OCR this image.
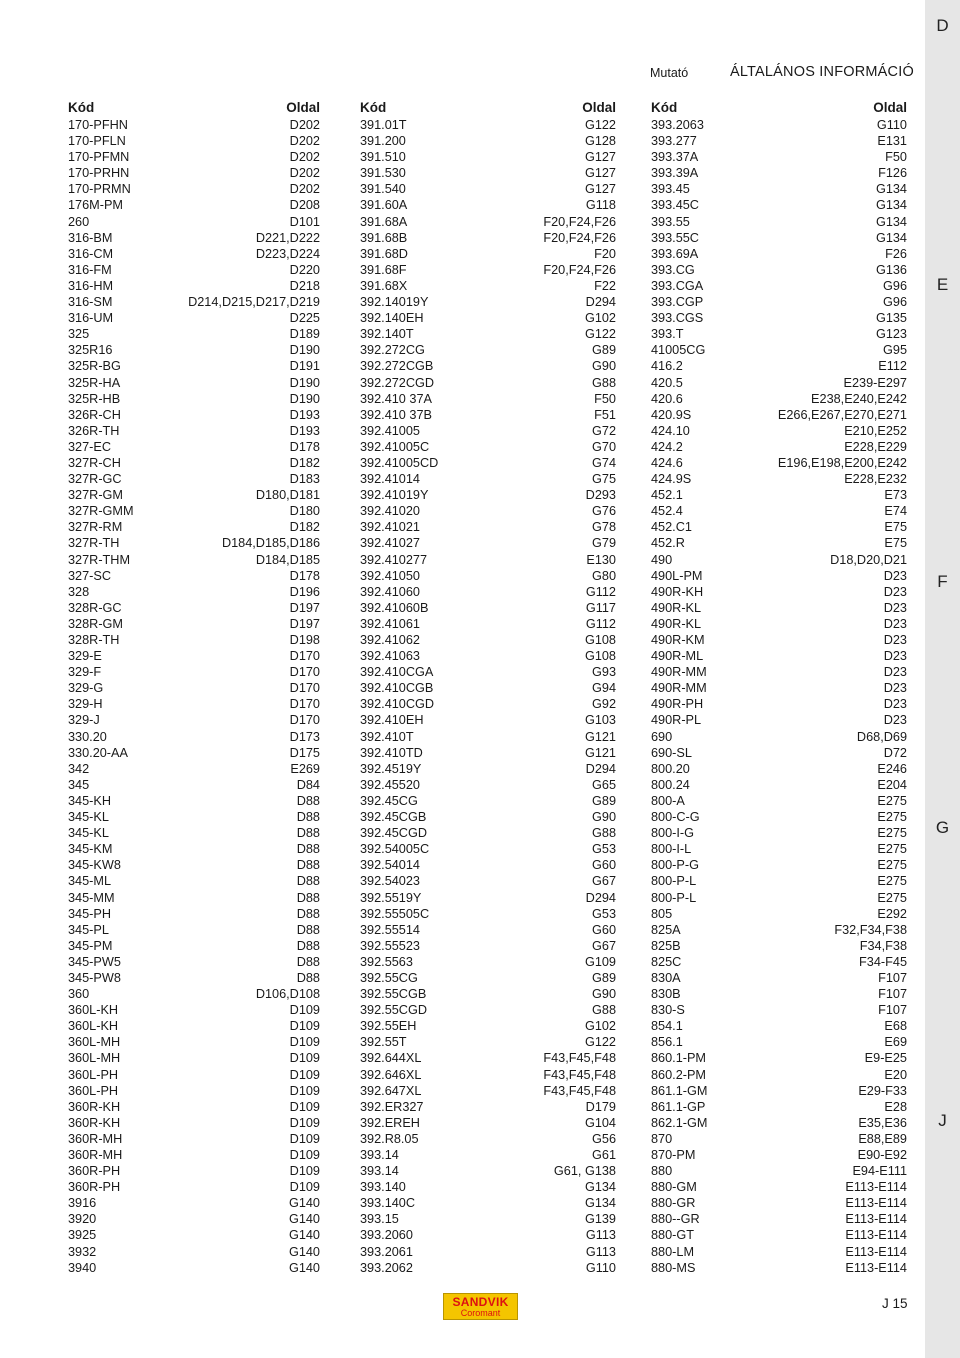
D
E
F
G
J
Mutató	ÁLTALÁNOS INFORMÁCIÓ
Kód	Oldal
170-PFHN	D202
170-PFLN	D202
170-PFMN	D202
170-PRHN	D202
170-PRMN	D202
176M-PM	D208
260	D101
316-BM	D221,D222
316-CM	D223,D224
316-FM	D220
316-HM	D218
316-SM	D214,D215,D217,D219
316-UM	D225
325	D189
325R16	D190
325R-BG	D191
325R-HA	D190
325R-HB	D190
326R-CH	D193
326R-TH	D193
327-EC	D178
327R-CH	D182
327R-GC	D183
327R-GM	D180,D181
327R-GMM	D180
327R-RM	D182
327R-TH	D184,D185,D186
327R-THM	D184,D185
327-SC	D178
328	D196
328R-GC	D197
328R-GM	D197
328R-TH	D198
329-E	D170
329-F	D170
329-G	D170
329-H	D170
329-J	D170
330.20	D173
330.20-AA	D175
342	E269
345	D84
345-KH	D88
345-KL	D88
345-KL	D88
345-KM	D88
345-KW8	D88
345-ML	D88
345-MM	D88
345-PH	D88
345-PL	D88
345-PM	D88
345-PW5	D88
345-PW8	D88
360	D106,D108
360L-KH	D109
360L-KH	D109
360L-MH	D109
360L-MH	D109
360L-PH	D109
360L-PH	D109
360R-KH	D109
360R-KH	D109
360R-MH	D109
360R-MH	D109
360R-PH	D109
360R-PH	D109
3916	G140
3920	G140
3925	G140
3932	G140
3940	G140
Kód	Oldal
391.01T	G122
391.200	G128
391.510	G127
391.530	G127
391.540	G127
391.60A	G118
391.68A	F20,F24,F26
391.68B	F20,F24,F26
391.68D	F20
391.68F	F20,F24,F26
391.68X	F22
392.14019Y	D294
392.140EH	G102
392.140T	G122
392.272CG	G89
392.272CGB	G90
392.272CGD	G88
392.410 37A	F50
392.410 37B	F51
392.41005	G72
392.41005C	G70
392.41005CD	G74
392.41014	G75
392.41019Y	D293
392.41020	G76
392.41021	G78
392.41027	G79
392.410277	E130
392.41050	G80
392.41060	G112
392.41060B	G117
392.41061	G112
392.41062	G108
392.41063	G108
392.410CGA	G93
392.410CGB	G94
392.410CGD	G92
392.410EH	G103
392.410T	G121
392.410TD	G121
392.4519Y	D294
392.45520	G65
392.45CG	G89
392.45CGB	G90
392.45CGD	G88
392.54005C	G53
392.54014	G60
392.54023	G67
392.5519Y	D294
392.55505C	G53
392.55514	G60
392.55523	G67
392.5563	G109
392.55CG	G89
392.55CGB	G90
392.55CGD	G88
392.55EH	G102
392.55T	G122
392.644XL	F43,F45,F48
392.646XL	F43,F45,F48
392.647XL	F43,F45,F48
392.ER327	D179
392.EREH	G104
392.R8.05	G56
393.14	G61
393.14	G61, G138
393.140	G134
393.140C	G134
393.15	G139
393.2060	G113
393.2061	G113
393.2062	G110
Kód	Oldal
393.2063	G110
393.277	E131
393.37A	F50
393.39A	F126
393.45	G134
393.45C	G134
393.55	G134
393.55C	G134
393.69A	F26
393.CG	G136
393.CGA	G96
393.CGP	G96
393.CGS	G135
393.T	G123
41005CG	G95
416.2	E112
420.5	E239-E297
420.6	E238,E240,E242
420.9S	E266,E267,E270,E271
424.10	E210,E252
424.2	E228,E229
424.6	E196,E198,E200,E242
424.9S	E228,E232
452.1	E73
452.4	E74
452.C1	E75
452.R	E75
490	D18,D20,D21
490L-PM	D23
490R-KH	D23
490R-KL	D23
490R-KL	D23
490R-KM	D23
490R-ML	D23
490R-MM	D23
490R-MM	D23
490R-PH	D23
490R-PL	D23
690	D68,D69
690-SL	D72
800.20	E246
800.24	E204
800-A	E275
800-C-G	E275
800-I-G	E275
800-I-L	E275
800-P-G	E275
800-P-L	E275
800-P-L	E275
805	E292
825A	F32,F34,F38
825B	F34,F38
825C	F34-F45
830A	F107
830B	F107
830-S	F107
854.1	E68
856.1	E69
860.1-PM	E9-E25
860.2-PM	E20
861.1-GM	E29-F33
861.1-GP	E28
862.1-GM	E35,E36
870	E88,E89
870-PM	E90-E92
880	E94-E111
880-GM	E113-E114
880-GR	E113-E114
880--GR	E113-E114
880-GT	E113-E114
880-LM	E113-E114
880-MS	E113-E114
SANDVIK
Coromant
J 15
